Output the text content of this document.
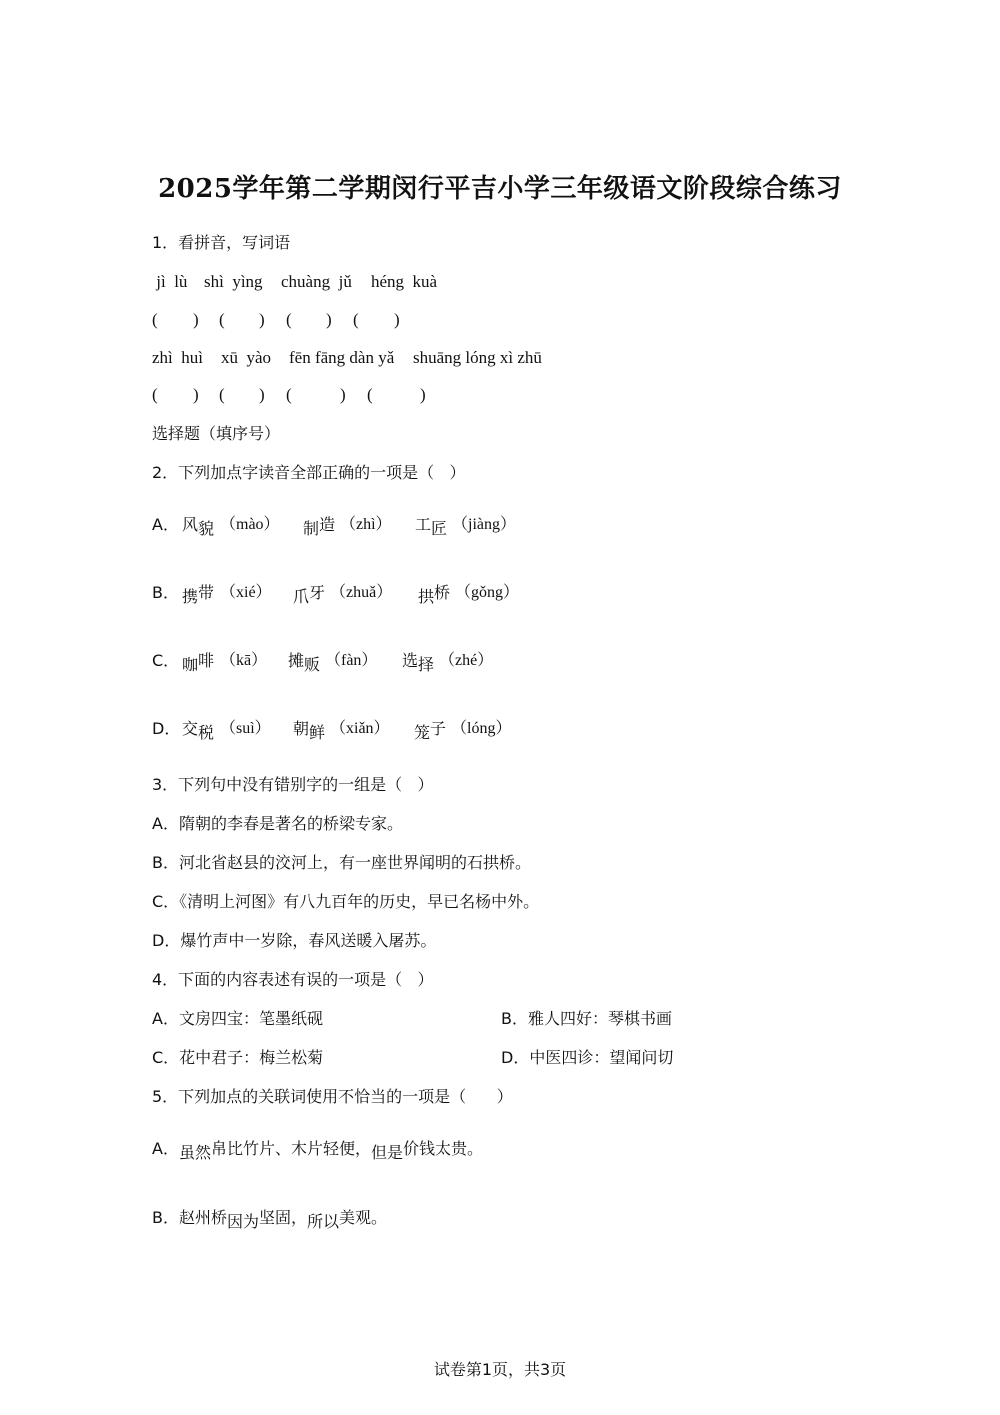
2025学年第二学期闵行平吉小学三年级语文阶段综合练习
1．看拼音，写词语
jì  lù shì  yìng chuàng  jǔ héng  kuà
( ) ( ) ( ) ( )
zhì  huì xū  yào fēn fāng dàn yǎ shuāng lóng xì zhū
( ) ( ) (	) (	)
选择题（填序号）
2．下列加点字读音全部正确的一项是（   ）
A． 风貌 （mào） 制造 （zhì） 工匠 （jiàng）
B． 携带 （xié） 爪牙 （zhuǎ） 拱桥 （gǒng）
C． 咖啡 （kā） 摊贩 （fàn） 选择 （zhé）
D． 交税 （suì） 朝鲜 （xiǎn） 笼子 （lóng）
3．下列句中没有错别字的一组是（   ）
A．隋朝的李春是著名的桥梁专家。
B．河北省赵县的洨河上，有一座世界闻明的石拱桥。
C．《清明上河图》有八九百年的历史，早已名杨中外。
D．爆竹声中一岁除，春风送暖入屠苏。
4．下面的内容表述有误的一项是（   ）
A．文房四宝：笔墨纸砚	B．雅人四好：琴棋书画
C．花中君子：梅兰松菊	D．中医四诊：望闻问切
5．下列加点的关联词使用不恰当的一项是（      ）
A．虽然帛比竹片、木片轻便，但是价钱太贵。
B．赵州桥因为坚固，所以美观。
试卷第1页，共3页
